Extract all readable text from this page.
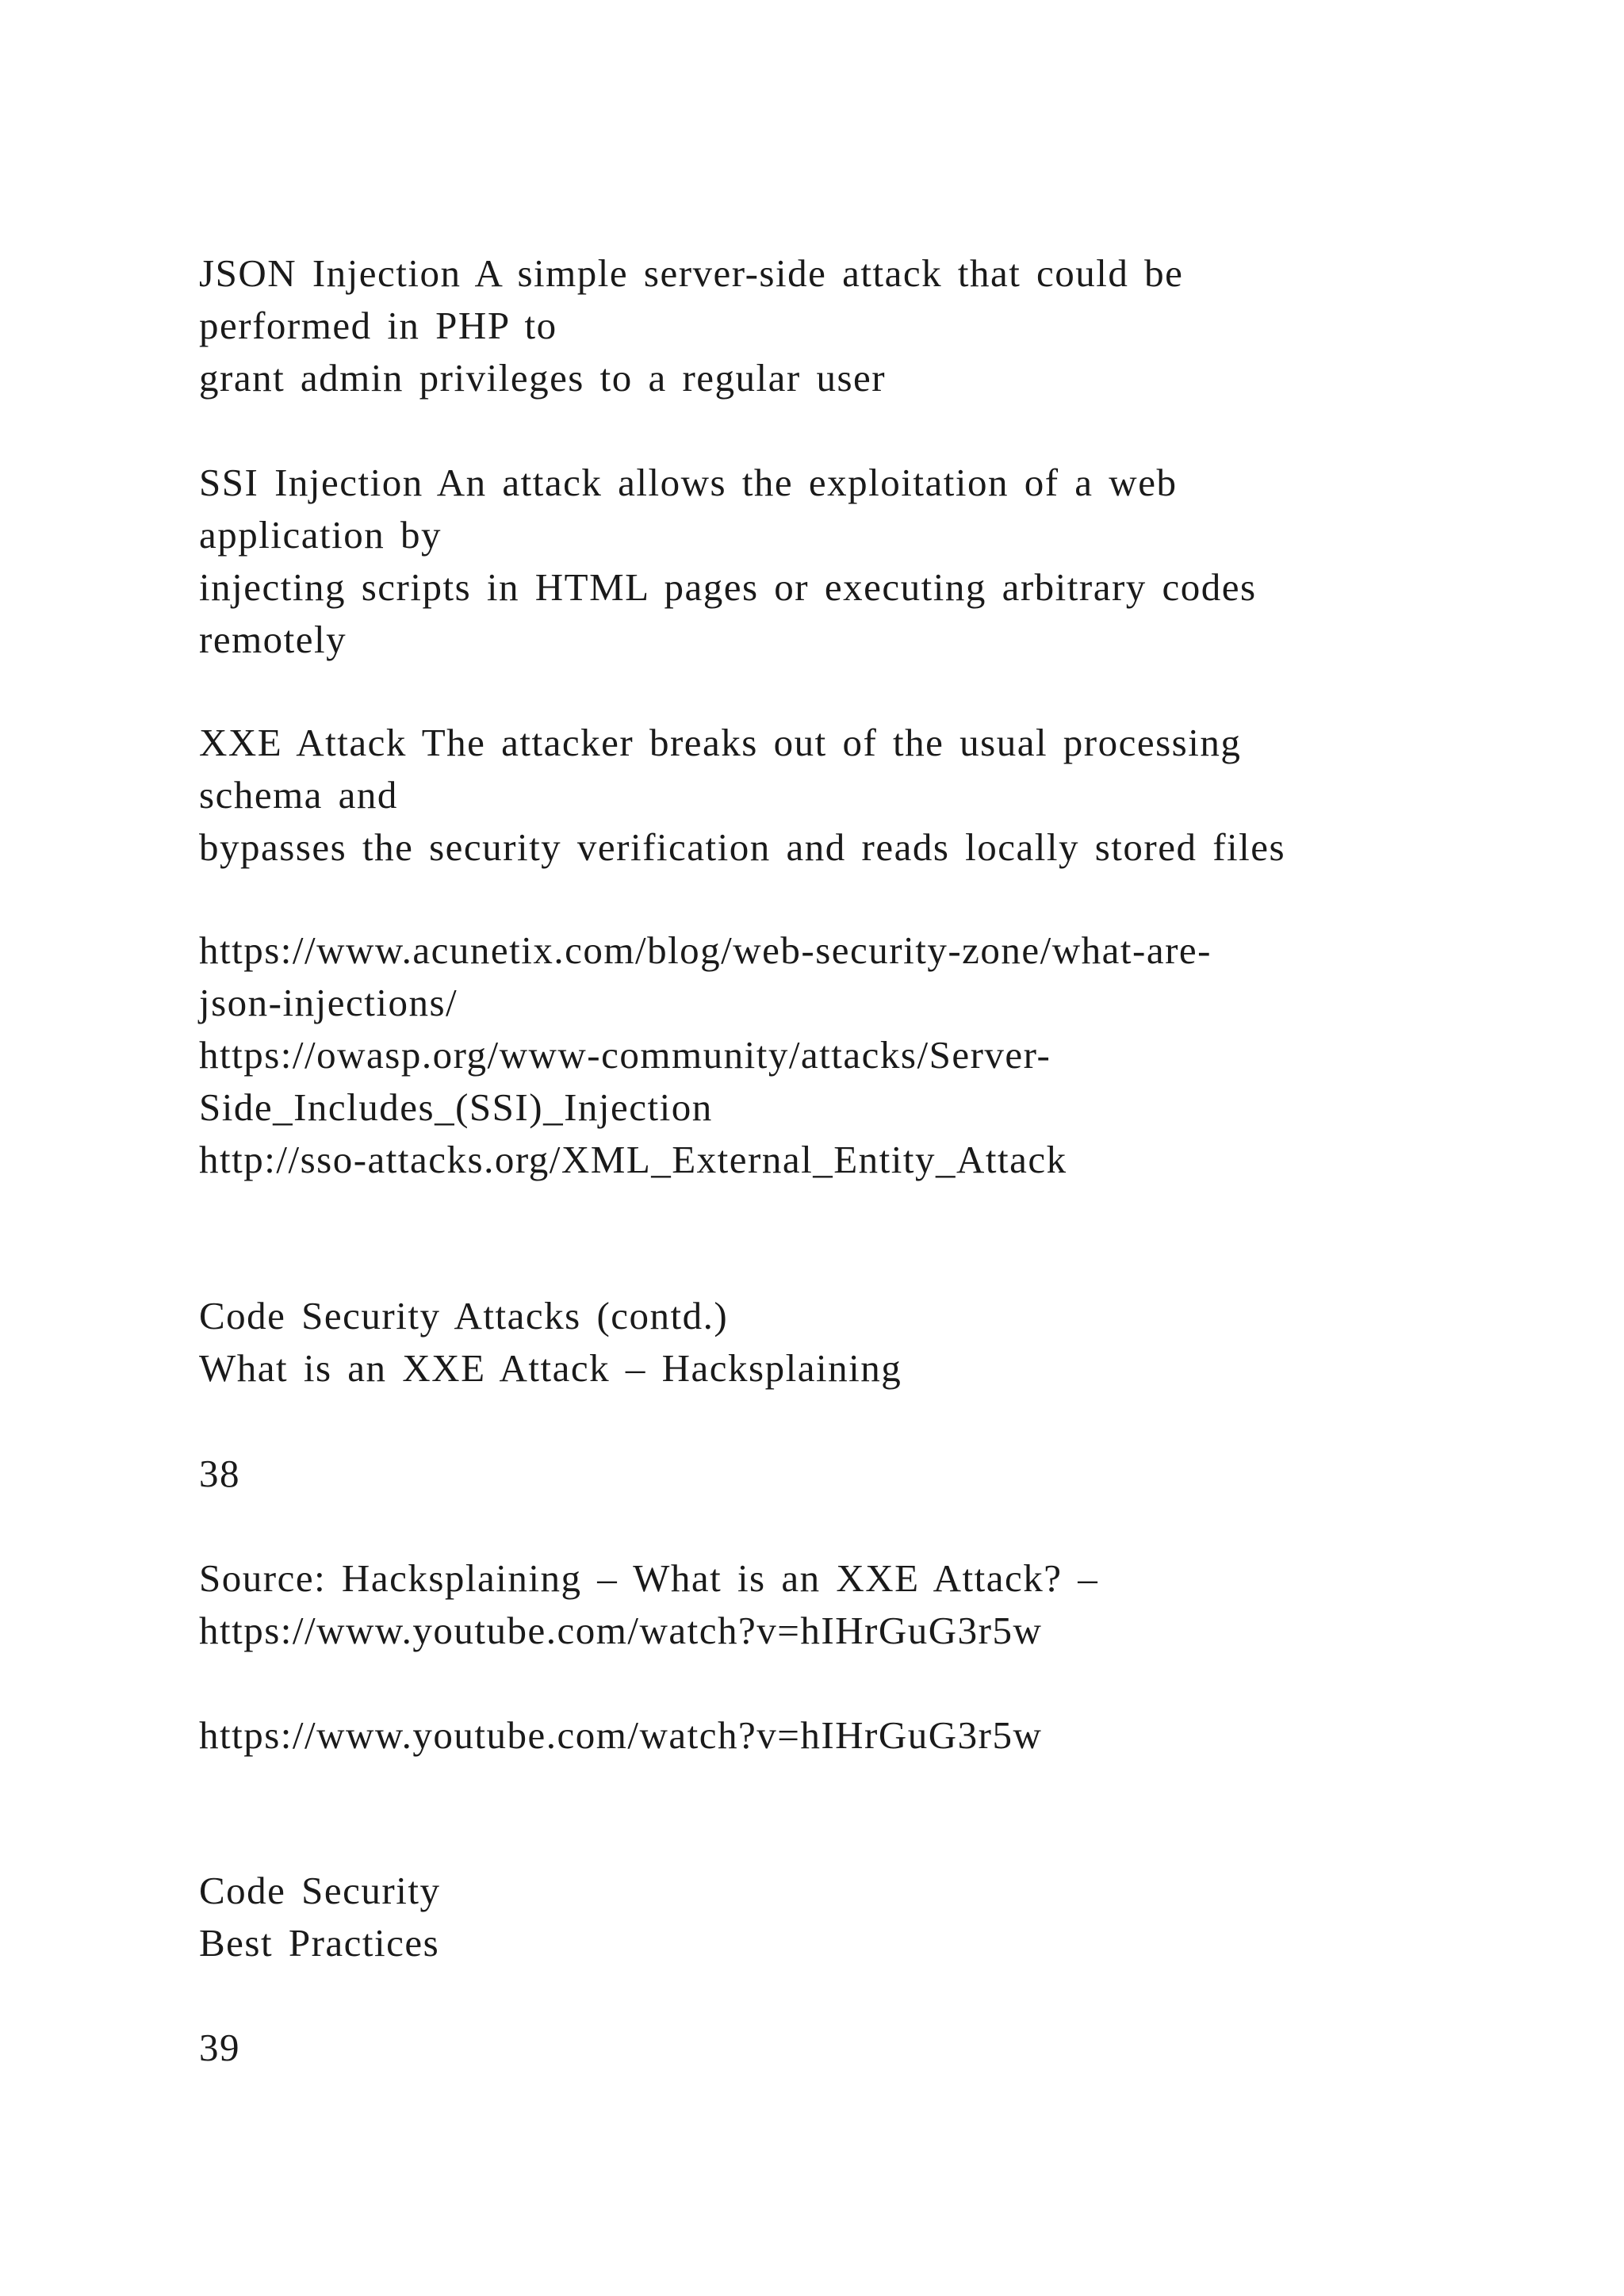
JSON Injection A simple server-side attack that could be
performed in PHP to
grant admin privileges to a regular user
SSI Injection An attack allows the exploitation of a web
application by
injecting scripts in HTML pages or executing arbitrary codes
remotely
XXE Attack The attacker breaks out of the usual processing
schema and
bypasses the security verification and reads locally stored files
https://www.acunetix.com/blog/web-security-zone/what-are-
json-injections/
https://owasp.org/www-community/attacks/Server-
Side_Includes_(SSI)_Injection
http://sso-attacks.org/XML_External_Entity_Attack
Code Security Attacks (contd.)
What is an XXE Attack – Hacksplaining
38
Source: Hacksplaining – What is an XXE Attack? –
https://www.youtube.com/watch?v=hIHrGuG3r5w
https://www.youtube.com/watch?v=hIHrGuG3r5w
Code Security
Best Practices
39
